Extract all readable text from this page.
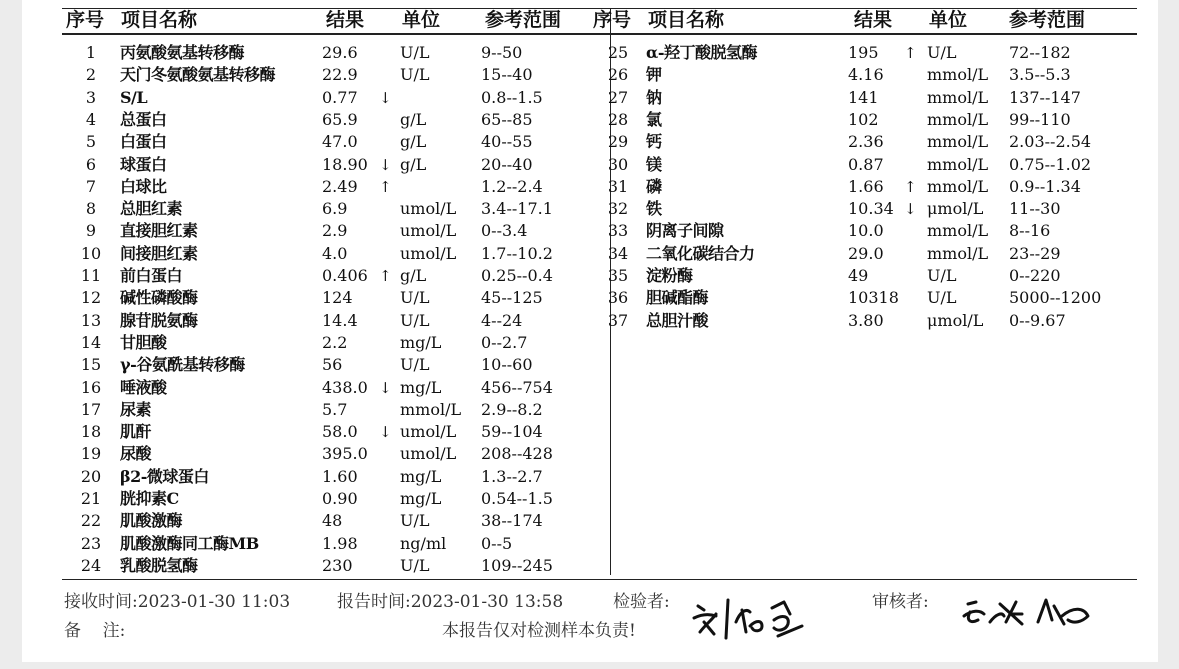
序号 项目名称	结果 单位 参考范围 序号 项目名称	结果 单位 参考范围
1	丙氨酸氨基转移酶	29.6	U/L	9--50
2	天门冬氨酸氨基转移酶	22.9	U/L	15--40
3	S/L	0.77 ↓	0.8--1.5
4	总蛋白	65.9	g/L	65--85
5	白蛋白	47.0	g/L	40--55
6	球蛋白	18.90 ↓ g/L	20--40
7	白球比	2.49 ↑	1.2--2.4
8	总胆红素	6.9	umol/L 3.4--17.1
9	直接胆红素	2.9	umol/L 0--3.4
10	间接胆红素	4.0	umol/L 1.7--10.2
11	前白蛋白	0.406 ↑ g/L	0.25--0.4
12	碱性磷酸酶	124	U/L	45--125
13	腺苷脱氨酶	14.4	U/L	4--24
14	甘胆酸	2.2	mg/L 0--2.7
15	γ-谷氨酰基转移酶	56	U/L	10--60
16	唾液酸	438.0 ↓ mg/L 456--754
17	尿素	5.7	mmol/L 2.9--8.2
18	肌酐	58.0 ↓ umol/L 59--104
19	尿酸	395.0 umol/L 208--428
20	β2-微球蛋白	1.60	mg/L 1.3--2.7
21	胱抑素C	0.90	mg/L 0.54--1.5
22	肌酸激酶	48	U/L	38--174
23	肌酸激酶同工酶MB	1.98	ng/ml 0--5
24	乳酸脱氢酶	230	U/L	109--245
25	α-羟丁酸脱氢酶	195 ↑ U/L	72--182
26	钾	4.16	mmol/L 3.5--5.3
27	钠	141	mmol/L 137--147
28	氯	102	mmol/L 99--110
29	钙	2.36	mmol/L 2.03--2.54
30	镁	0.87	mmol/L 0.75--1.02
31	磷	1.66 ↑ mmol/L 0.9--1.34
32	铁	10.34 ↓ μmol/L 11--30
33	阴离子间隙	10.0	mmol/L 8--16
34	二氧化碳结合力	29.0	mmol/L 23--29
35	淀粉酶	49	U/L	0--220
36	胆碱酯酶	10318 U/L	5000--1200
37	总胆汁酸	3.80	μmol/L 0--9.67
接收时间:2023-01-30 11:03	报告时间:2023-01-30 13:58	检验者:	审核者:
备    注:	本报告仅对检测样本负责!
